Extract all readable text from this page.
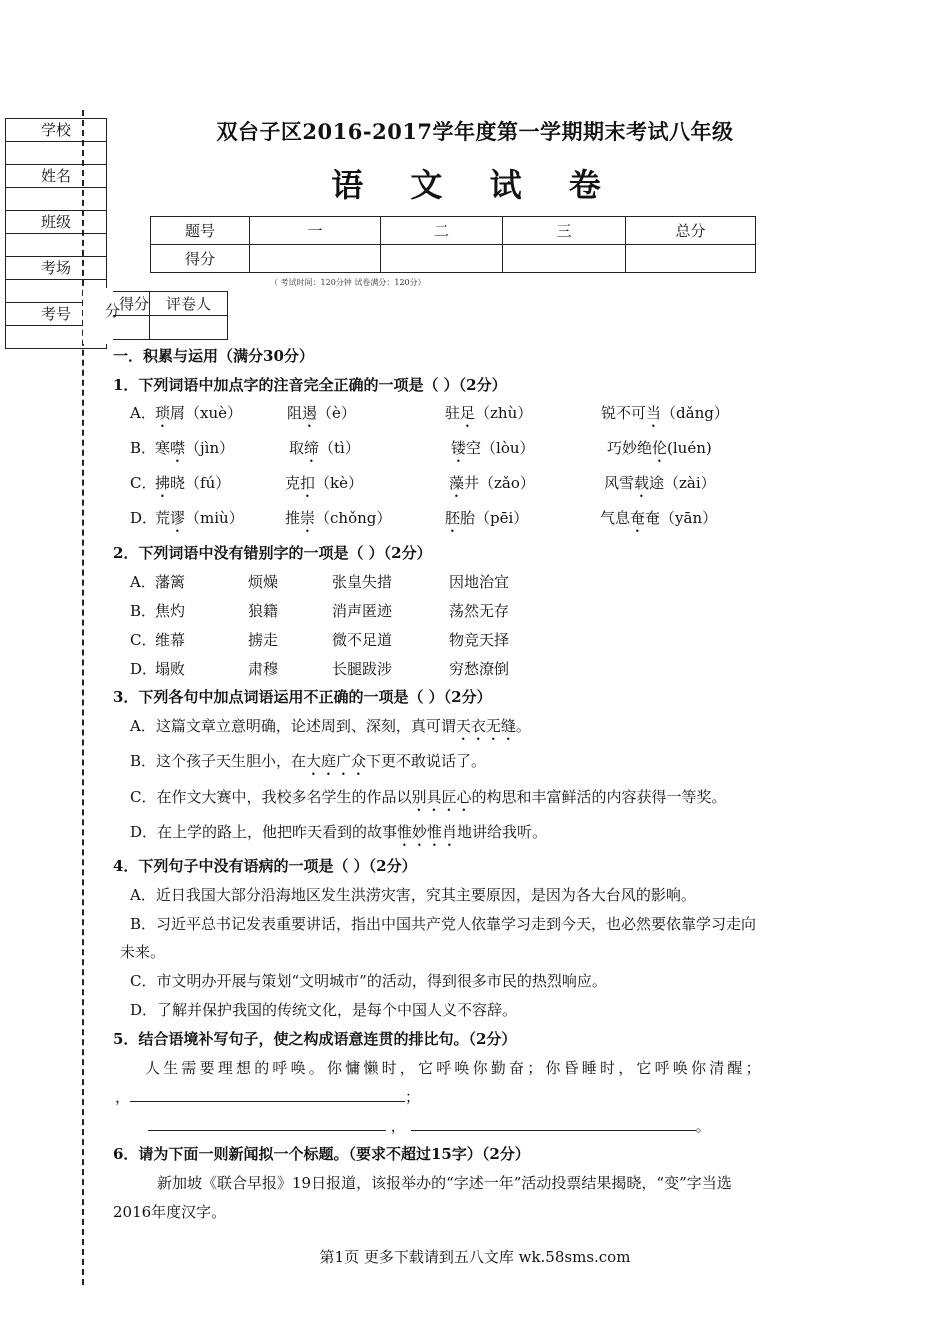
学校
姓名
班级
考场
考号
双台子区2016-2017学年度第一学期期末考试八年级
语 文 试 卷
题号	一	二	三	总分
得分				
（ 考试时间：120分钟 试卷满分：120分）
得分	评卷人

分
一．积累与运用（满分30分）
1．下列词语中加点字的注音完全正确的一项是（ ）（2分）
A． 琐屑（xuè）	阻遏（è）	驻足（zhù）	锐不可当（dǎng）
B．
寒噤（jìn）	取缔（tì）	镂空（lòu）	巧妙绝伦(luén)
C．
拂晓（fú）	克扣（kè）	藻井（zǎo）	风雪载途（zài）
D．
荒谬（miù）	推崇（chǒng）	胚胎（pēi）	气息奄奄（yān）
2．下列词语中没有错别字的一项是（ ）（2分）
A． 藩篱	烦燥	张皇失措	因地治宜
B．
焦灼	狼籍	消声匿迹	荡然无存
C．
维幕	掳走	微不足道	物竞天择
D．
塌败	肃穆	长腿跋涉	穷愁潦倒
3．下列各句中加点词语运用不正确的一项是（ ）（2分）
A．这篇文章立意明确，论述周到、深刻，真可谓天衣无缝。
B．这个孩子天生胆小，在大庭广众下更不敢说话了。
C．在作文大赛中，我校多名学生的作品以别具匠心的构思和丰富鲜活的内容获得一等奖。
D．在上学的路上，他把昨天看到的故事惟妙惟肖地讲给我听。
4．下列句子中没有语病的一项是（ ）（2分）
A．近日我国大部分沿海地区发生洪涝灾害，究其主要原因，是因为各大台风的影响。
B．习近平总书记发表重要讲话，指出中国共产党人依靠学习走到今天，也必然要依靠学习走向
未来。
C．市文明办开展与策划“文明城市”的活动，得到很多市民的热烈响应。
D．了解并保护我国的传统文化，是每个中国人义不容辞。
5．结合语境补写句子，使之构成语意连贯的排比句。（2分）
人生需要理想的呼唤。你慵懒时，它呼唤你勤奋；你昏睡时，它呼唤你清醒；
，	；
，	。
6．请为下面一则新闻拟一个标题。（要求不超过15字）（2分）
新加坡《联合早报》19日报道，该报举办的“字述一年”活动投票结果揭晓，“变”字当选
2016年度汉字。
第1页 更多下载请到五八文库 wk.58sms.com
